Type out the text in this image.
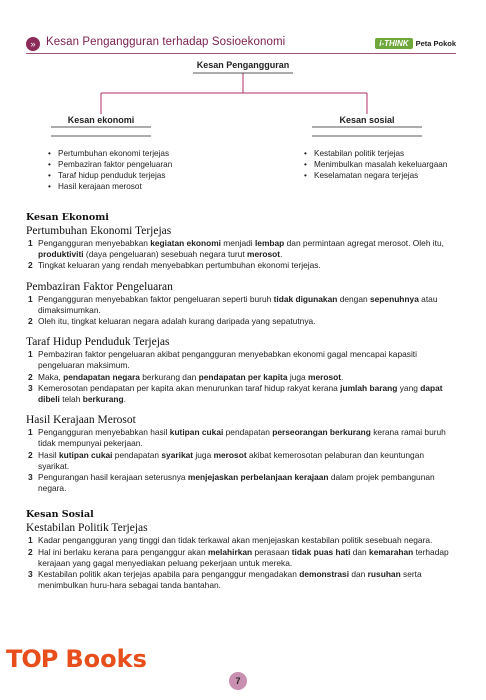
» Kesan Pengangguran terhadap Sosioekonomi	i-THINK Peta Pokok
Kesan Pengangguran
Kesan ekonomi	Kesan sosial
• Pertumbuhan ekonomi terjejas
• Pembaziran faktor pengeluaran
• Taraf hidup penduduk terjejas
• Hasil kerajaan merosot
• Kestabilan politik terjejas
• Menimbulkan masalah kekeluargaan
• Keselamatan negara terjejas
Kesan Ekonomi
Pertumbuhan Ekonomi Terjejas
1 Pengangguran menyebabkan kegiatan ekonomi menjadi lembap dan permintaan agregat merosot. Oleh itu, produktiviti (daya pengeluaran) sesebuah negara turut merosot.
2 Tingkat keluaran yang rendah menyebabkan pertumbuhan ekonomi terjejas.
Pembaziran Faktor Pengeluaran
1 Pengangguran menyebabkan faktor pengeluaran seperti buruh tidak digunakan dengan sepenuhnya atau dimaksimumkan.
2 Oleh itu, tingkat keluaran negara adalah kurang daripada yang sepatutnya.
Taraf Hidup Penduduk Terjejas
1 Pembaziran faktor pengeluaran akibat pengangguran menyebabkan ekonomi gagal mencapai kapasiti pengeluaran maksimum.
2 Maka, pendapatan negara berkurang dan pendapatan per kapita juga merosot.
3 Kemerosotan pendapatan per kapita akan menurunkan taraf hidup rakyat kerana jumlah barang yang dapat dibeli telah berkurang.
Hasil Kerajaan Merosot
1 Pengangguran menyebabkan hasil kutipan cukai pendapatan perseorangan berkurang kerana ramai buruh tidak mempunyai pekerjaan.
2 Hasil kutipan cukai pendapatan syarikat juga merosot akibat kemerosotan pelaburan dan keuntungan syarikat.
3 Pengurangan hasil kerajaan seterusnya menjejaskan perbelanjaan kerajaan dalam projek pembangunan negara.
Kesan Sosial
Kestabilan Politik Terjejas
1 Kadar pengangguran yang tinggi dan tidak terkawal akan menjejaskan kestabilan politik sesebuah negara.
2 Hal ini berlaku kerana para penganggur akan melahirkan perasaan tidak puas hati dan kemarahan terhadap kerajaan yang gagal menyediakan peluang pekerjaan untuk mereka.
3 Kestabilan politik akan terjejas apabila para penganggur mengadakan demonstrasi dan rusuhan serta menimbulkan huru-hara sebagai tanda bantahan.
TOP Books
7
